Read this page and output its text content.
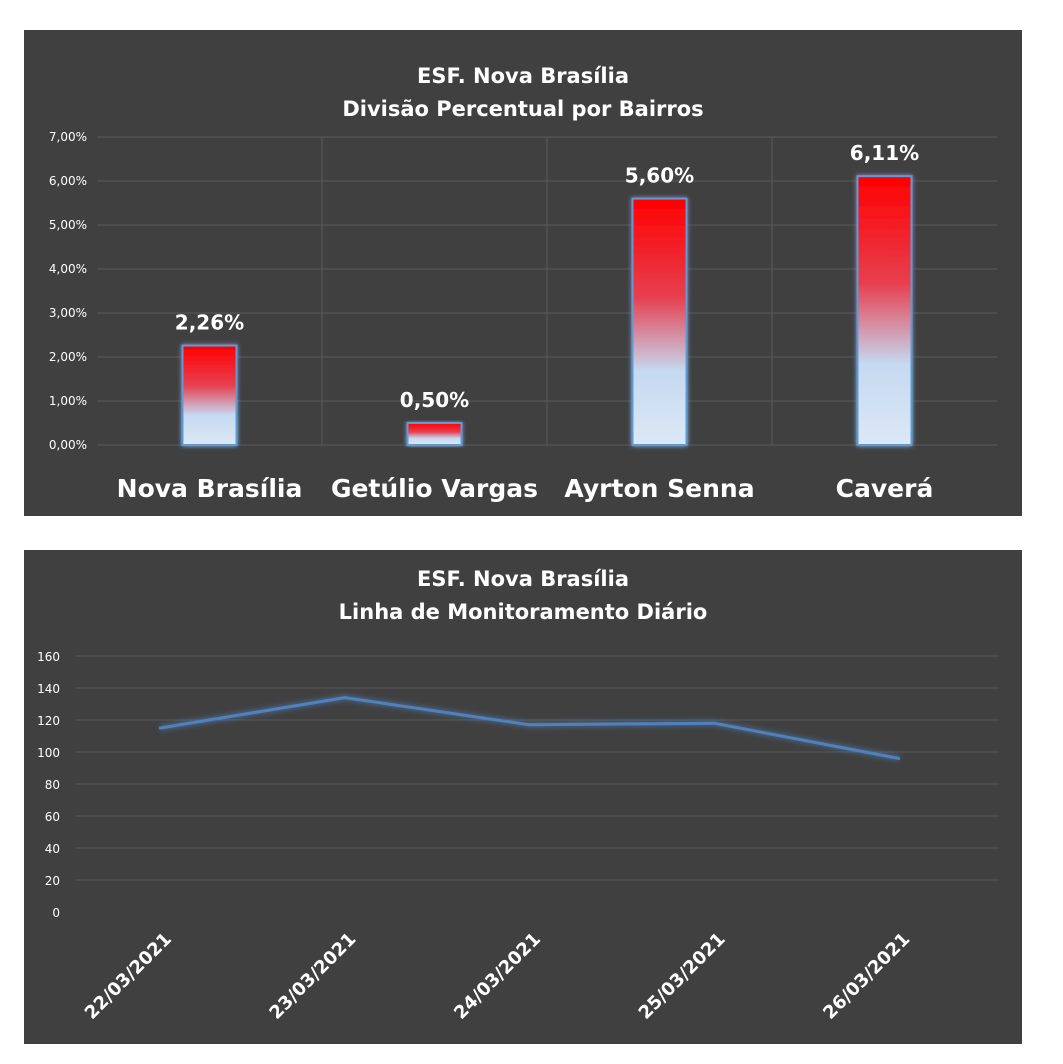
ESF. Nova Brasília
Divisão Percentual por Bairros
0,00%
1,00%
2,00%
3,00%
4,00%
5,00%
6,00%
7,00%
2,26%
Nova Brasília
0,50%
Getúlio Vargas
5,60%
Ayrton Senna
6,11%
Caverá
ESF. Nova Brasília
Linha de Monitoramento Diário
0
20
40
60
80
100
120
140
160
22/03/2021	23/03/2021	24/03/2021	25/03/2021	26/03/2021
